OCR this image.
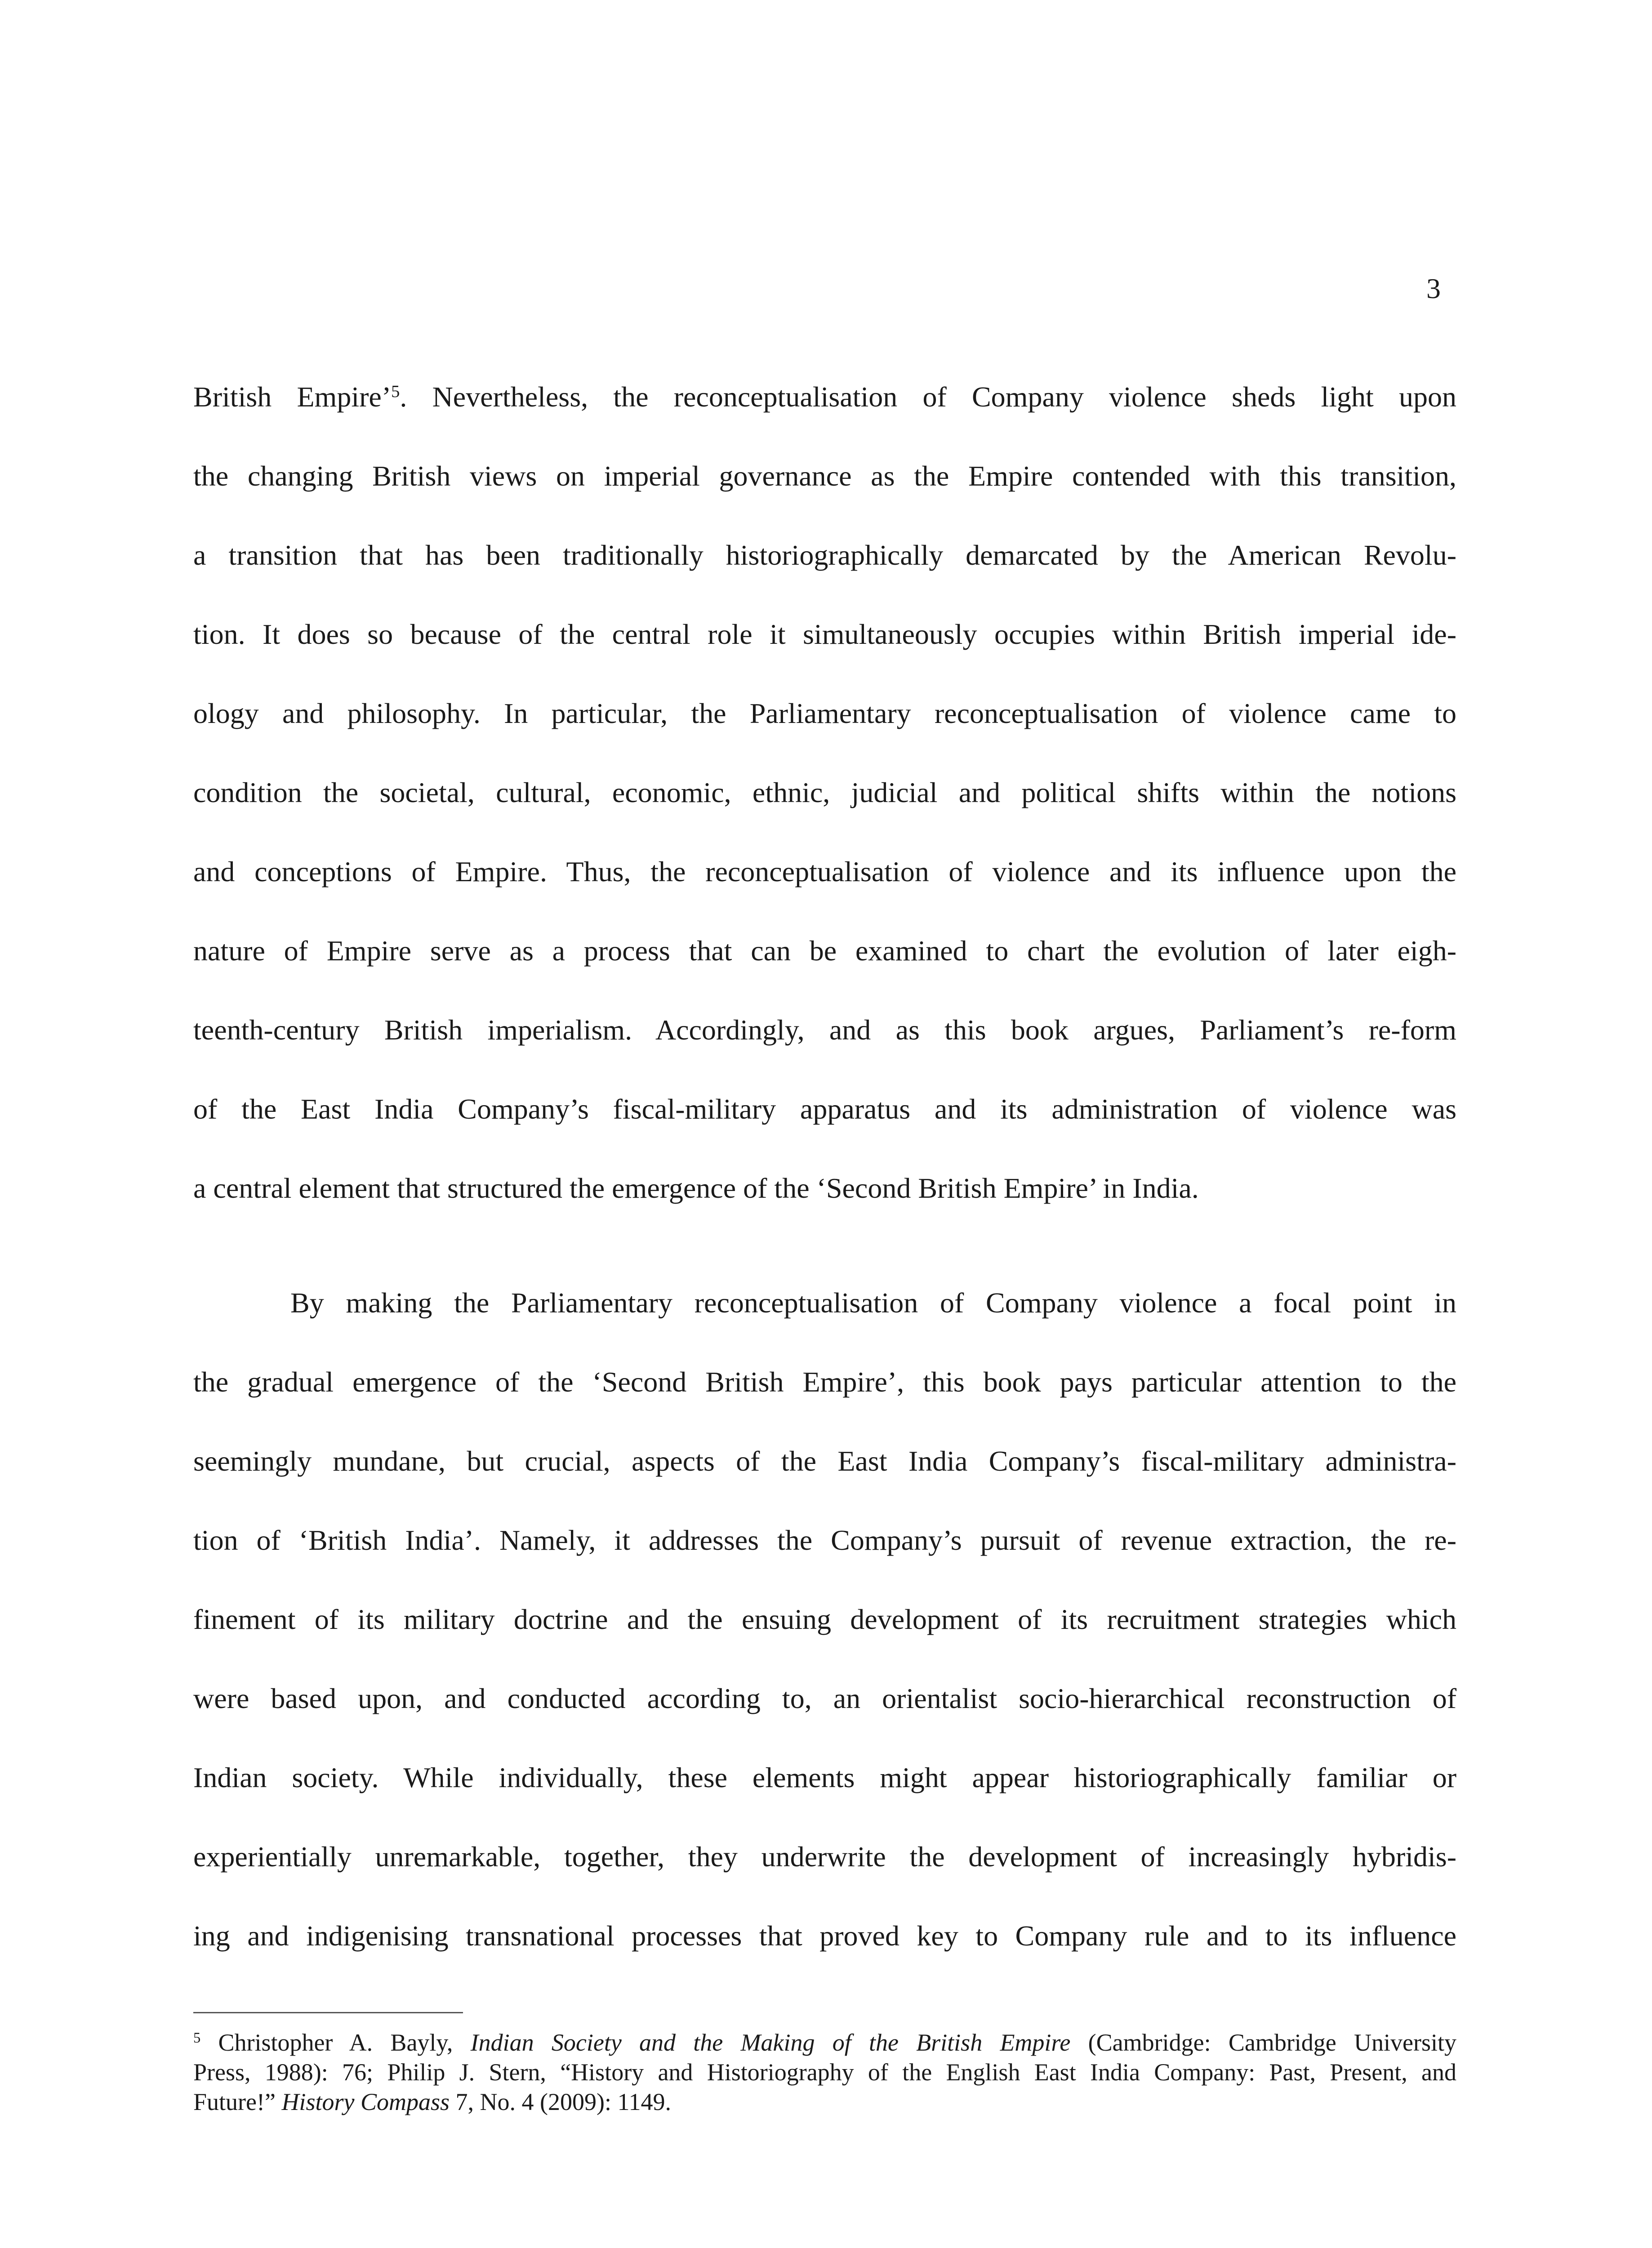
3
British Empire’$^5$. Nevertheless, the reconceptualisation of Company violence sheds light upon
the changing British views on imperial governance as the Empire contended with this transition,
a transition that has been traditionally historiographically demarcated by the American Revolu-
tion. It does so because of the central role it simultaneously occupies within British imperial ide-
ology and philosophy. In particular, the Parliamentary reconceptualisation of violence came to
condition the societal, cultural, economic, ethnic, judicial and political shifts within the notions
and conceptions of Empire. Thus, the reconceptualisation of violence and its influence upon the
nature of Empire serve as a process that can be examined to chart the evolution of later eigh-
teenth-century British imperialism. Accordingly, and as this book argues, Parliament’s re-form
of the East India Company’s fiscal-military apparatus and its administration of violence was
a central element that structured the emergence of the ‘Second British Empire’ in India.
By making the Parliamentary reconceptualisation of Company violence a focal point in
the gradual emergence of the ‘Second British Empire’, this book pays particular attention to the
seemingly mundane, but crucial, aspects of the East India Company’s fiscal-military administra-
tion of ‘British India’. Namely, it addresses the Company’s pursuit of revenue extraction, the re-
finement of its military doctrine and the ensuing development of its recruitment strategies which
were based upon, and conducted according to, an orientalist socio-hierarchical reconstruction of
Indian society. While individually, these elements might appear historiographically familiar or
experientially unremarkable, together, they underwrite the development of increasingly hybridis-
ing and indigenising transnational processes that proved key to Company rule and to its influence
$^5$ Christopher A. Bayly, Indian Society and the Making of the British Empire (Cambridge: Cambridge University
Press, 1988): 76; Philip J. Stern, “History and Historiography of the English East India Company: Past, Present, and
Future!” History Compass 7, No. 4 (2009): 1149.
